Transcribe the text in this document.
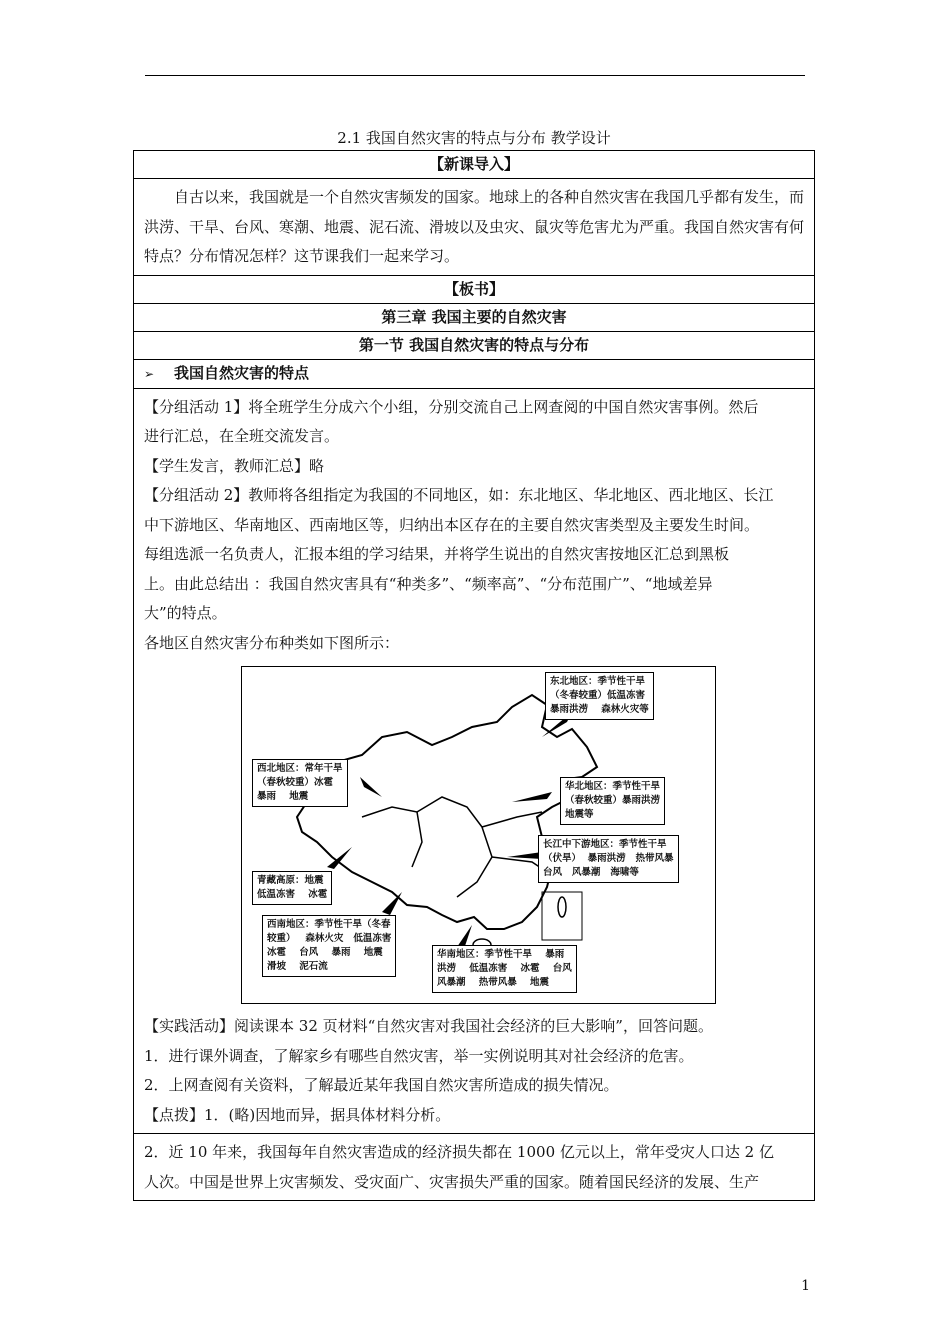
2.1 我国自然灾害的特点与分布 教学设计
【新课导入】
自古以来，我国就是一个自然灾害频发的国家。地球上的各种自然灾害在我国几乎都有发生，而洪涝、干旱、台风、寒潮、地震、泥石流、滑坡以及虫灾、鼠灾等危害尤为严重。我国自然灾害有何特点？分布情况怎样？这节课我们一起来学习。
【板书】
第三章 我国主要的自然灾害
第一节 我国自然灾害的特点与分布
➢ 我国自然灾害的特点

【分组活动 1】将全班学生分成六个小组，分别交流自己上网查阅的中国自然灾害事例。然后
进行汇总，在全班交流发言。
【学生发言，教师汇总】略
【分组活动 2】教师将各组指定为我国的不同地区，如：东北地区、华北地区、西北地区、长江
中下游地区、华南地区、西南地区等，归纳出本区存在的主要自然灾害类型及主要发生时间。
每组选派一名负责人，汇报本组的学习结果，并将学生说出的自然灾害按地区汇总到黑板
上。由此总结出 ：我国自然灾害具有“种类多”、“频率高”、“分布范围广”、“地域差异
大”的特点。
各地区自然灾害分布种类如下图所示：
东北地区：季节性干旱
（冬春较重）低温冻害
暴雨洪涝    森林火灾等
西北地区：常年干旱
（春秋较重）冰雹
暴雨    地震
华北地区：季节性干旱
（春秋较重）暴雨洪涝
地震等
长江中下游地区：季节性干旱
（伏旱）  暴雨洪涝   热带风暴
台风   风暴潮   海啸等
青藏高原：地震
低温冻害    冰雹
西南地区：季节性干旱（冬春
较重）   森林火灾   低温冻害
冰雹    台风    暴雨    地震
滑坡    泥石流
华南地区：季节性干旱    暴雨
洪涝    低温冻害    冰雹    台风
风暴潮    热带风暴    地震
【实践活动】阅读课本 32 页材料“自然灾害对我国社会经济的巨大影响”，回答问题。
1．进行课外调查，了解家乡有哪些自然灾害，举一实例说明其对社会经济的危害。
2．上网查阅有关资料，了解最近某年我国自然灾害所造成的损失情况。
【点拨】1．(略)因地而异，据具体材料分析。

2．近 10 年来，我国每年自然灾害造成的经济损失都在 1000 亿元以上，常年受灾人口达 2 亿
人次。中国是世界上灾害频发、受灾面广、灾害损失严重的国家。随着国民经济的发展、生产
1
